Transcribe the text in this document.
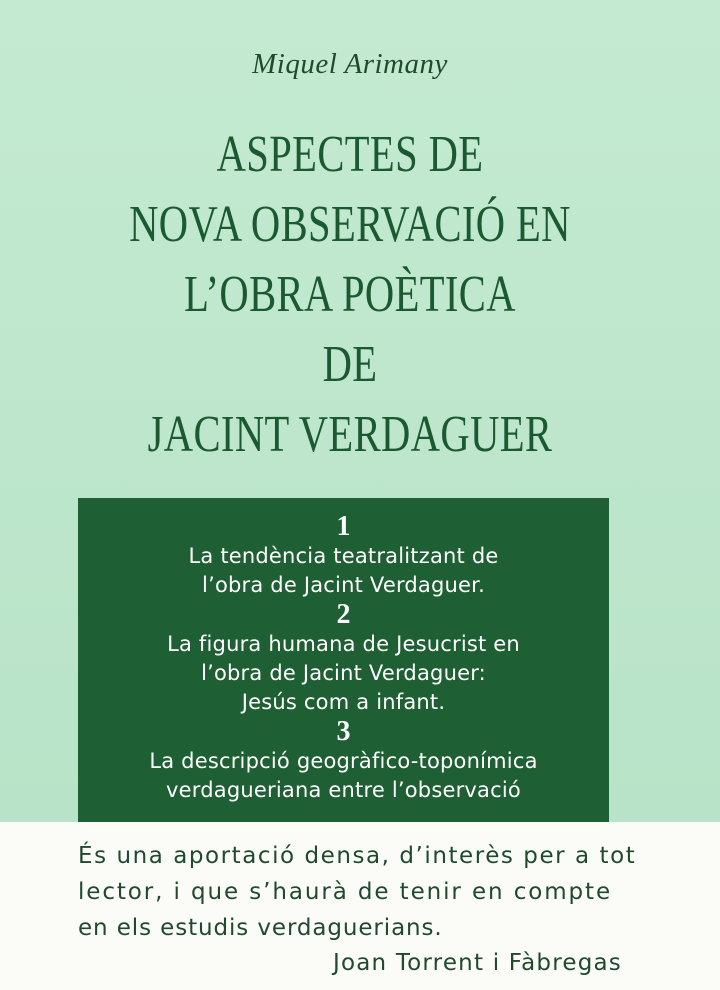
Miquel Arimany
ASPECTES DE
NOVA OBSERVACIÓ EN
L’OBRA POÈTICA
DE
JACINT VERDAGUER
1
La tendència teatralitzant de
l’obra de Jacint Verdaguer.
2
La figura humana de Jesucrist en
l’obra de Jacint Verdaguer:
Jesús com a infant.
3
La descripció geogràfico-toponímica
verdagueriana entre l’observació
És una aportació densa, d’interès per a tot
lector, i que s’haurà de tenir en compte
en els estudis verdaguerians.
Joan Torrent i Fàbregas
